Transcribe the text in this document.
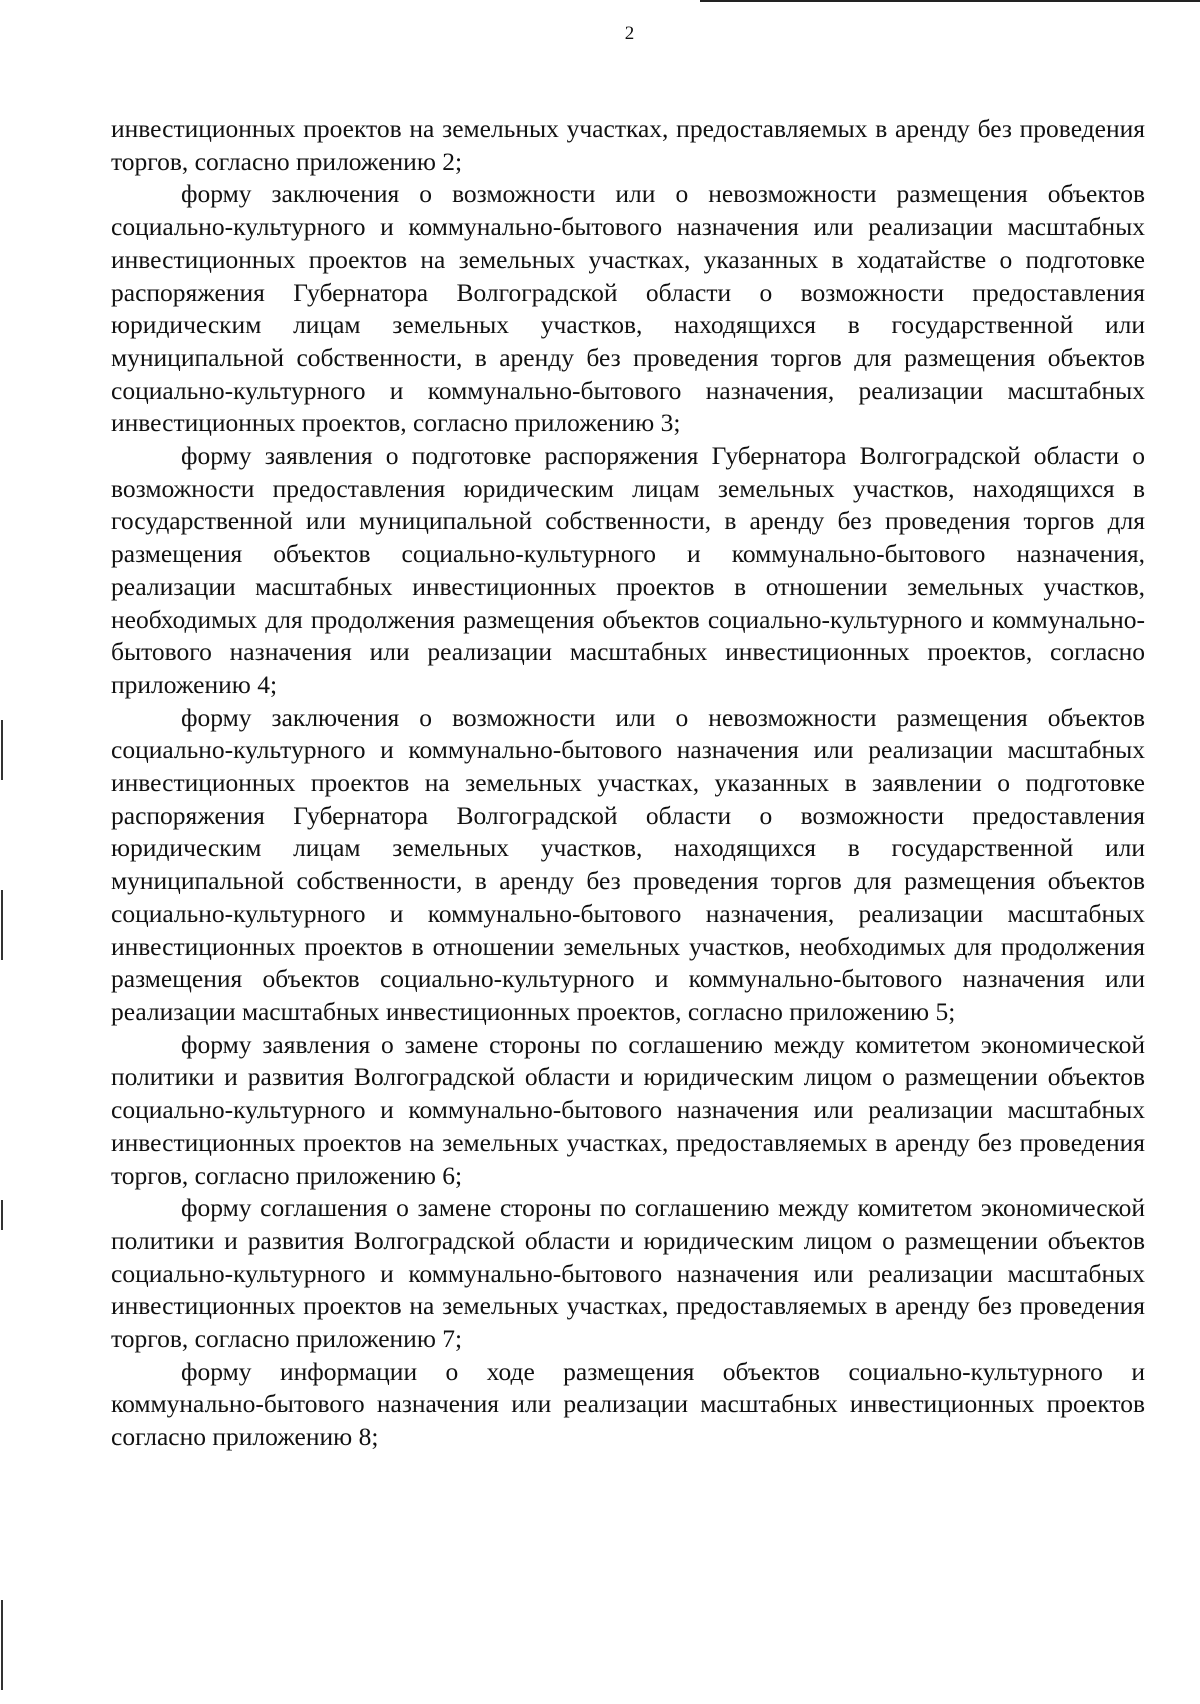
2

инвестиционных проектов на земельных участках, предоставляемых в аренду без проведения торгов, согласно приложению 2;

форму заключения о возможности или о невозможности размещения объектов социально-культурного и коммунально-бытового назначения или реализации масштабных инвестиционных проектов на земельных участках, указанных в ходатайстве о подготовке распоряжения Губернатора Волгоградской области о возможности предоставления юридическим лицам земельных участков, находящихся в государственной или муниципальной собственности, в аренду без проведения торгов для размещения объектов социально-культурного и коммунально-бытового назначения, реализации масштабных инвестиционных проектов, согласно приложению 3;

форму заявления о подготовке распоряжения Губернатора Волгоградской области о возможности предоставления юридическим лицам земельных участков, находящихся в государственной или муниципальной собственности, в аренду без проведения торгов для размещения объектов социально-культурного и коммунально-бытового назначения, реализации масштабных инвестиционных проектов в отношении земельных участков, необходимых для продолжения размещения объектов социально-культурного и коммунально-бытового назначения или реализации масштабных инвестиционных проектов, согласно приложению 4;

форму заключения о возможности или о невозможности размещения объектов социально-культурного и коммунально-бытового назначения или реализации масштабных инвестиционных проектов на земельных участках, указанных в заявлении о подготовке распоряжения Губернатора Волгоградской области о возможности предоставления юридическим лицам земельных участков, находящихся в государственной или муниципальной собственности, в аренду без проведения торгов для размещения объектов социально-культурного и коммунально-бытового назначения, реализации масштабных инвестиционных проектов в отношении земельных участков, необходимых для продолжения размещения объектов социально-культурного и коммунально-бытового назначения или реализации масштабных инвестиционных проектов, согласно приложению 5;

форму заявления о замене стороны по соглашению между комитетом экономической политики и развития Волгоградской области и юридическим лицом о размещении объектов социально-культурного и коммунально-бытового назначения или реализации масштабных инвестиционных проектов на земельных участках, предоставляемых в аренду без проведения торгов, согласно приложению 6;

форму соглашения о замене стороны по соглашению между комитетом экономической политики и развития Волгоградской области и юридическим лицом о размещении объектов социально-культурного и коммунально-бытового назначения или реализации масштабных инвестиционных проектов на земельных участках, предоставляемых в аренду без проведения торгов, согласно приложению 7;

форму информации о ходе размещения объектов социально-культурного и коммунально-бытового назначения или реализации масштабных инвестиционных проектов согласно приложению 8;
